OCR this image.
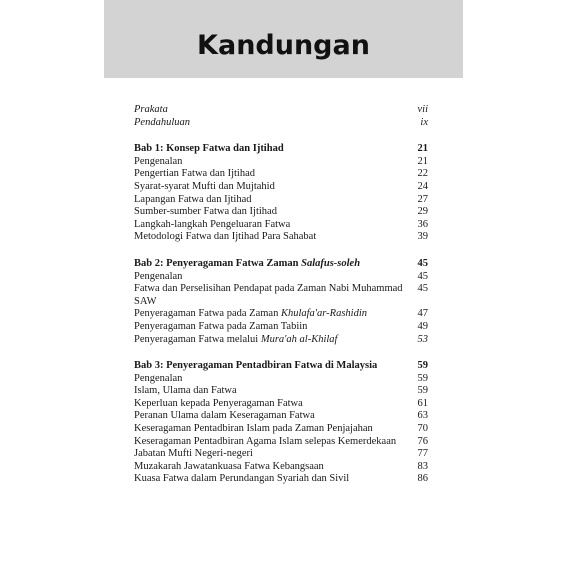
Kandungan
Prakata	vii
Pendahuluan	ix
Bab 1: Konsep Fatwa dan Ijtihad	21
Pengenalan	21
Pengertian Fatwa dan Ijtihad	22
Syarat-syarat Mufti dan Mujtahid	24
Lapangan Fatwa dan Ijtihad	27
Sumber-sumber Fatwa dan Ijtihad	29
Langkah-langkah Pengeluaran Fatwa	36
Metodologi Fatwa dan Ijtihad Para Sahabat	39
Bab 2: Penyeragaman Fatwa Zaman Salafus-soleh	45
Pengenalan	45
Fatwa dan Perselisihan Pendapat pada Zaman Nabi Muhammad SAW
45
Penyeragaman Fatwa pada Zaman Khulafa'ar-Rashidin	47
Penyeragaman Fatwa pada Zaman Tabiin	49
Penyeragaman Fatwa melalui Mura'ah al-Khilaf	53
Bab 3: Penyeragaman Pentadbiran Fatwa di Malaysia	59
Pengenalan	59
Islam, Ulama dan Fatwa	59
Keperluan kepada Penyeragaman Fatwa	61
Peranan Ulama dalam Keseragaman Fatwa	63
Keseragaman Pentadbiran Islam pada Zaman Penjajahan	70
Keseragaman Pentadbiran Agama Islam selepas Kemerdekaan	76
Jabatan Mufti Negeri-negeri	77
Muzakarah Jawatankuasa Fatwa Kebangsaan	83
Kuasa Fatwa dalam Perundangan Syariah dan Sivil	86
